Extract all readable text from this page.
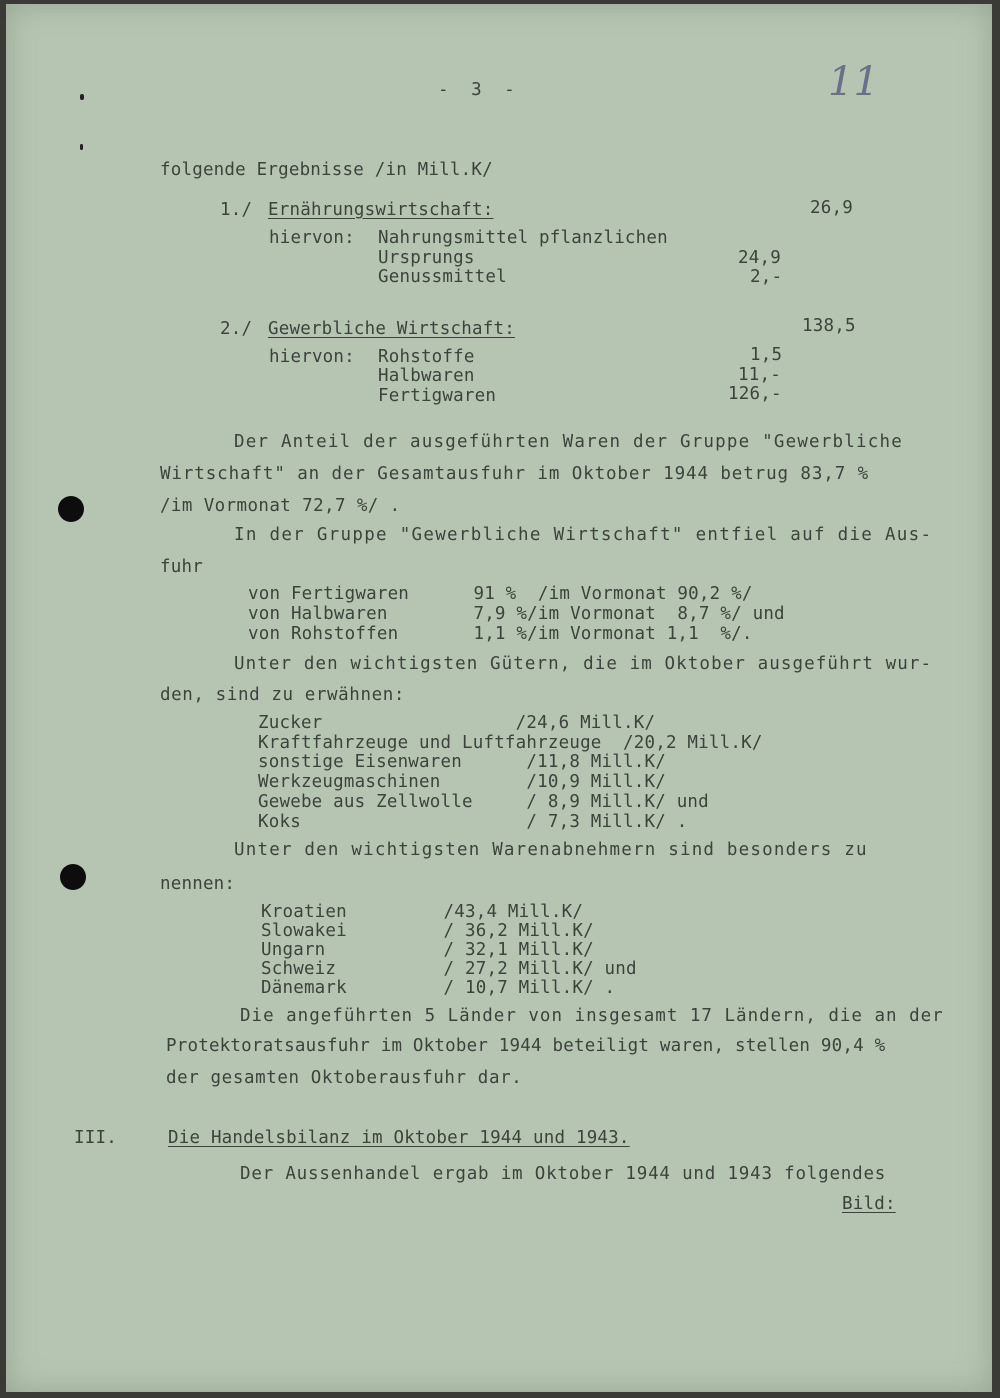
- 3 -	11
folgende Ergebnisse /in Mill.K/
1./ Ernährungswirtschaft:	26,9
hiervon: Nahrungsmittel pflanzlichen
Ursprungs	24,9
Genussmittel	2,-
2./ Gewerbliche Wirtschaft:	138,5
hiervon: Rohstoffe	1,5
Halbwaren	11,-
Fertigwaren	126,-
Der Anteil der ausgeführten Waren der Gruppe "Gewerbliche
Wirtschaft" an der Gesamtausfuhr im Oktober 1944 betrug 83,7 %
/im Vormonat 72,7 %/ .
In der Gruppe "Gewerbliche Wirtschaft" entfiel auf die Aus-
fuhr
von Fertigwaren      91 %  /im Vormonat 90,2 %/
von Halbwaren        7,9 %/im Vormonat  8,7 %/ und
von Rohstoffen       1,1 %/im Vormonat 1,1  %/.
Unter den wichtigsten Gütern, die im Oktober ausgeführt wur-
den, sind zu erwähnen:
Zucker                  /24,6 Mill.K/
Kraftfahrzeuge und Luftfahrzeuge  /20,2 Mill.K/
sonstige Eisenwaren      /11,8 Mill.K/
Werkzeugmaschinen        /10,9 Mill.K/
Gewebe aus Zellwolle     / 8,9 Mill.K/ und
Koks                     / 7,3 Mill.K/ .
Unter den wichtigsten Warenabnehmern sind besonders zu
nennen:
Kroatien         /43,4 Mill.K/
Slowakei         / 36,2 Mill.K/
Ungarn           / 32,1 Mill.K/
Schweiz          / 27,2 Mill.K/ und
Dänemark         / 10,7 Mill.K/ .
Die angeführten 5 Länder von insgesamt 17 Ländern, die an der
Protektoratsausfuhr im Oktober 1944 beteiligt waren, stellen 90,4 %
der gesamten Oktoberausfuhr dar.
III.	Die Handelsbilanz im Oktober 1944 und 1943.
Der Aussenhandel ergab im Oktober 1944 und 1943 folgendes
Bild:
